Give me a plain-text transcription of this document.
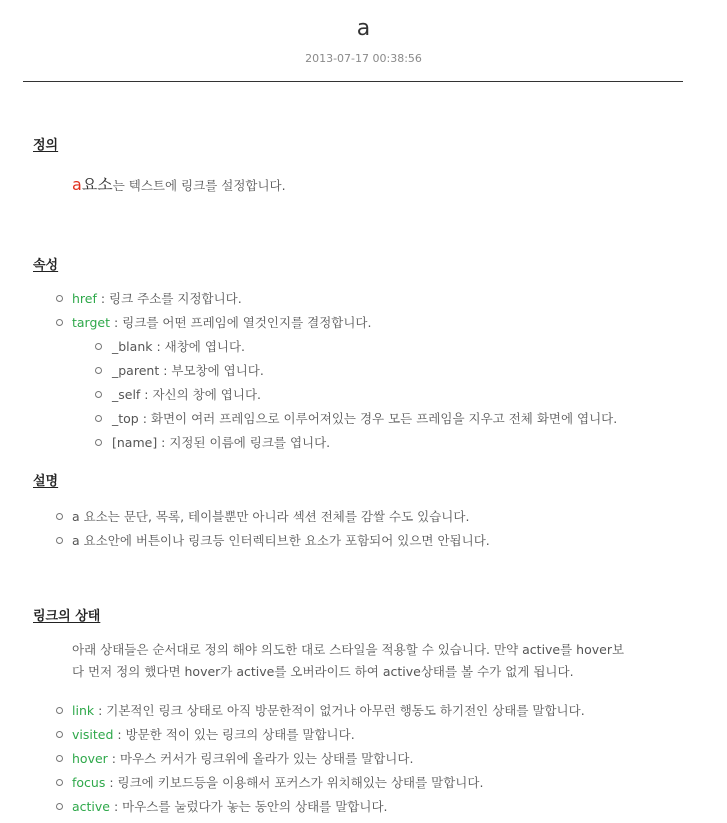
a
2013-07-17 00:38:56
정의
a요소는 텍스트에 링크를 설정합니다.
속성
href : 링크 주소를 지정합니다.
target : 링크를 어떤 프레임에 열것인지를 결정합니다.
_blank : 새창에 엽니다.
_parent : 부모창에 엽니다.
_self : 자신의 창에 엽니다.
_top : 화면이 여러 프레임으로 이루어져있는 경우 모든 프레임을 지우고 전체 화면에 엽니다.
[name] : 지정된 이름에 링크를 엽니다.
설명
a 요소는 문단, 목록, 테이블뿐만 아니라 섹션 전체를 감쌀 수도 있습니다.
a 요소안에 버튼이나 링크등 인터렉티브한 요소가 포함되어 있으면 안됩니다.
링크의 상태
아래 상태들은 순서대로 정의 해야 의도한 대로 스타일을 적용할 수 있습니다. 만약 active를 hover보
다 먼저 정의 했다면 hover가 active를 오버라이드 하여 active상태를 볼 수가 없게 됩니다.
link : 기본적인 링크 상태로 아직 방문한적이 없거나 아무런 행동도 하기전인 상태를 말합니다.
visited : 방문한 적이 있는 링크의 상태를 말합니다.
hover : 마우스 커서가 링크위에 올라가 있는 상태를 말합니다.
focus : 링크에 키보드등을 이용해서 포커스가 위치해있는 상태를 말합니다.
active : 마우스를 눌렀다가 놓는 동안의 상태를 말합니다.
